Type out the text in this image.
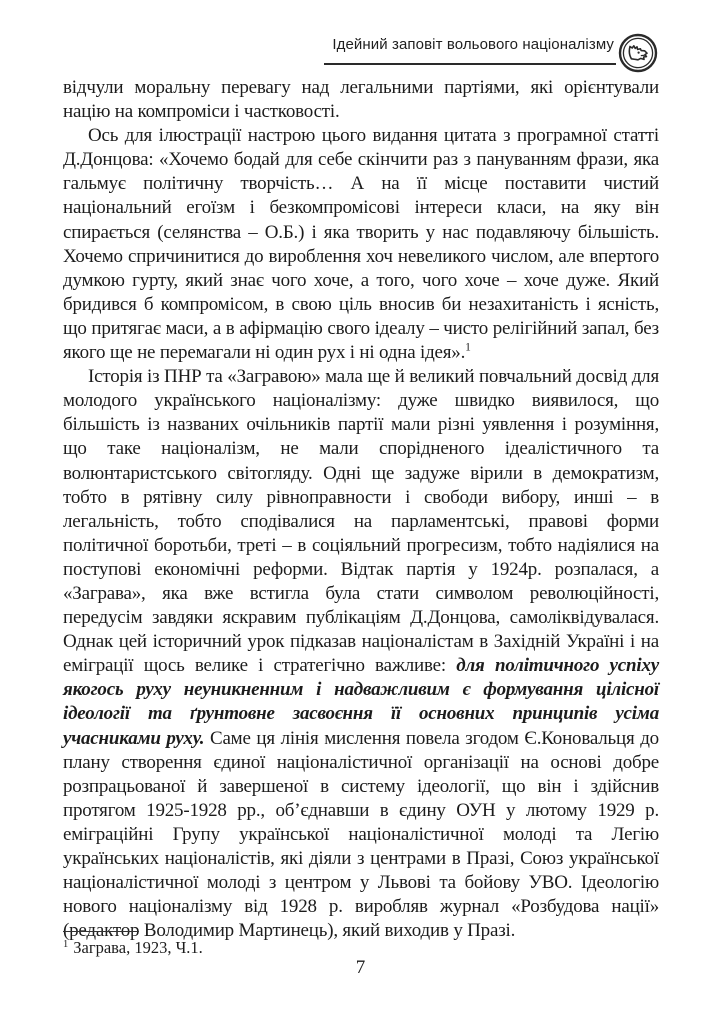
Ідейний заповіт вольового націоналізму

відчули моральну перевагу над легальними партіями, які орієнтували націю на компроміси і частковості.

Ось для ілюстрації настрою цього видання цитата з програмної статті Д.Донцова: «Хочемо бодай для себе скінчити раз з пануванням фрази, яка гальмує політичну творчість… А на її місце поставити чистий національний егоїзм і безкомпромісові інтереси класи, на яку він спирається (селянства – О.Б.) і яка творить у нас подавляючу більшість. Хочемо спричинитися до вироблення хоч невеликого числом, але впертого думкою гурту, який знає чого хоче, а того, чого хоче – хоче дуже. Який бридився б компромісом, в свою ціль вносив би незахитаність і ясність, що притягає маси, а в афірмацію свого ідеалу – чисто релігійний запал, без якого ще не перемагали ні один рух і ні одна ідея».$^1$

Історія із ПНР та «Загравою» мала ще й великий повчальний досвід для молодого українського націоналізму: дуже швидко виявилося, що більшість із названих очільників партії мали різні уявлення і розуміння, що таке націоналізм, не мали спорідненого ідеалістичного та волюнтаристського світогляду. Одні ще задуже вірили в демократизм, тобто в рятівну силу рівноправности і свободи вибору, инші – в легальність, тобто сподівалися на парламентські, правові форми політичної боротьби, треті – в соціяльний прогресизм, тобто надіялися на поступові економічні реформи. Відтак партія у 1924р. розпалася, а «Заграва», яка вже встигла була стати символом революційності, передусім завдяки яскравим публікаціям Д.Донцова, самоліквідувалася. Однак цей історичний урок підказав націоналістам в Західній Україні і на еміграції щось велике і стратегічно важливе: для політичного успіху якогось руху неуникненним і надважливим є формування цілісної ідеології та ґрунтовне засвоєння її основних принципів усіма учасниками руху. Саме ця лінія мислення повела згодом Є.Коновальця до плану створення єдиної націоналістичної організації на основі добре розпрацьованої й завершеної в систему ідеології, що він і здійснив протягом 1925-1928 рр., об’єднавши в єдину ОУН у лютому 1929 р. еміграційні Групу української націоналістичної молоді та Легію українських націоналістів, які діяли з центрами в Празі, Союз української націоналістичної молоді з центром у Львові та бойову УВО. Ідеологію нового націоналізму від 1928 р. виробляв журнал «Розбудова нації» (редактор Володимир Мартинець), який виходив у Празі.

$^1$ Заграва, 1923, Ч.1.
7
